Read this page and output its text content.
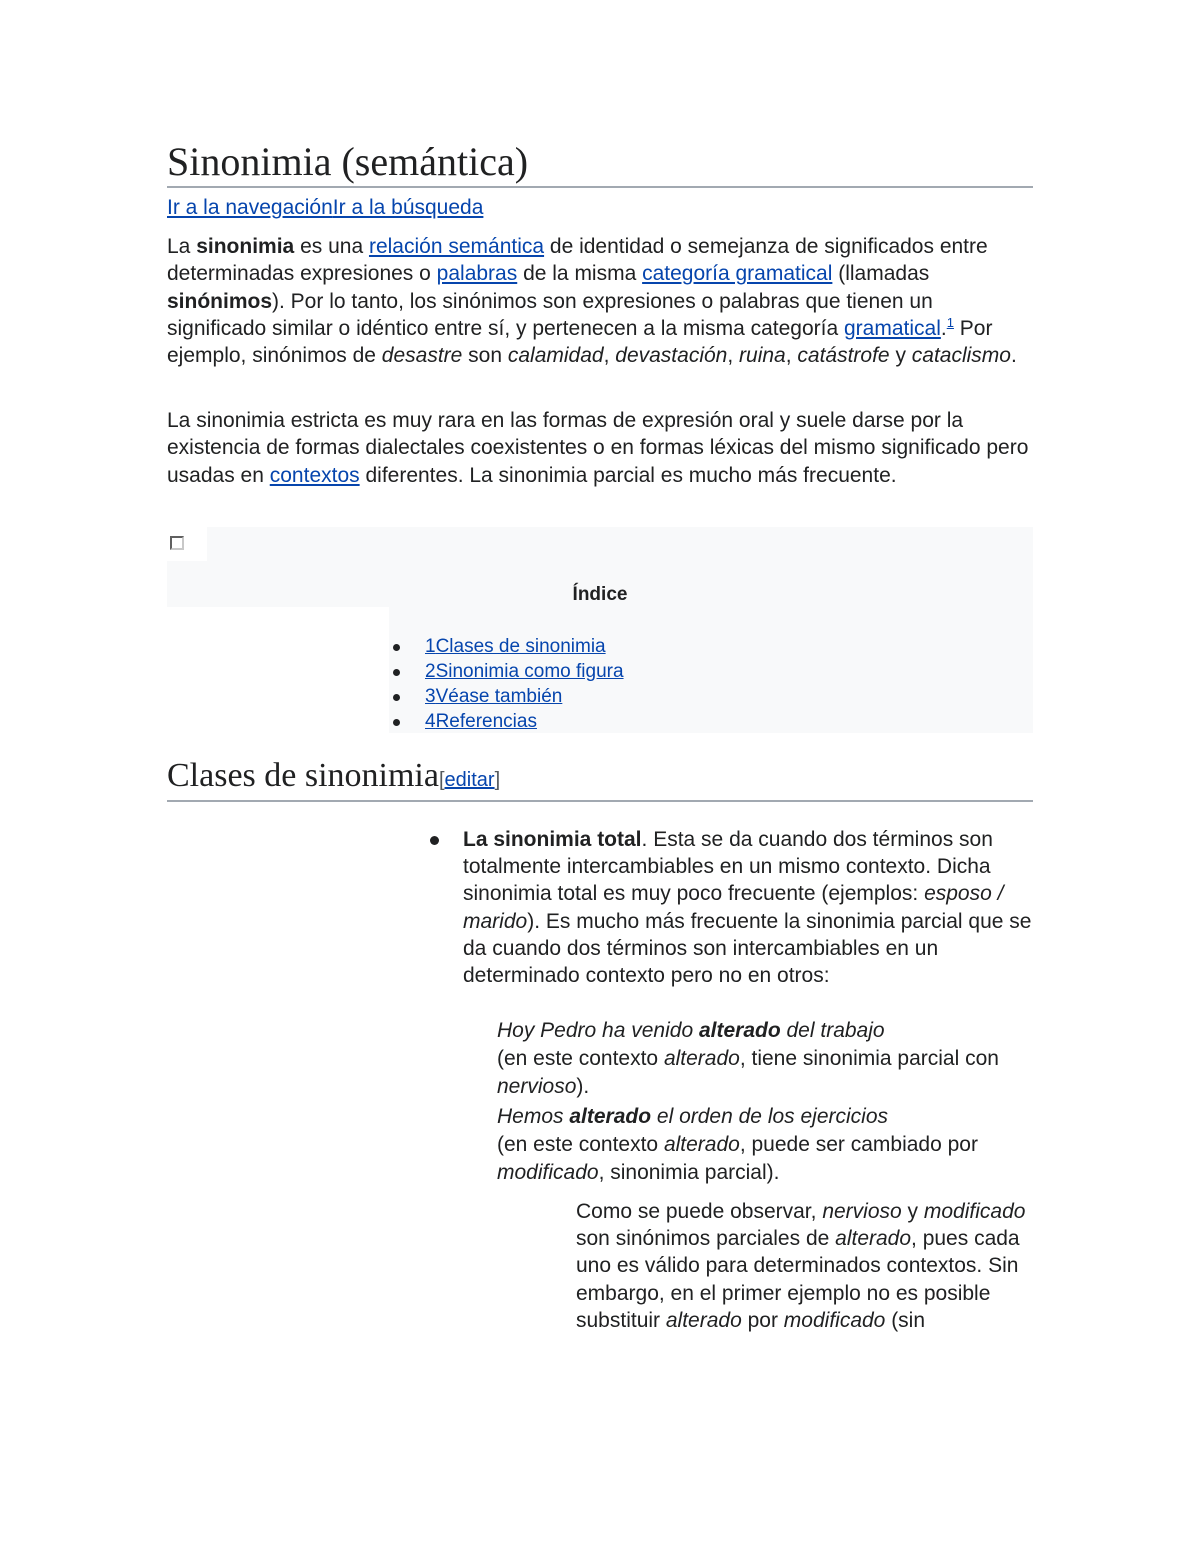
Sinonimia (semántica)
Ir a la navegaciónIr a la búsqueda

La sinonimia es una relación semántica de identidad o semejanza de significados entre determinadas expresiones o palabras de la misma categoría gramatical (llamadas sinónimos). Por lo tanto, los sinónimos son expresiones o palabras que tienen un significado similar o idéntico entre sí, y pertenecen a la misma categoría gramatical.$^1$ Por ejemplo, sinónimos de desastre son calamidad, devastación, ruina, catástrofe y cataclismo.

La sinonimia estricta es muy rara en las formas de expresión oral y suele darse por la existencia de formas dialectales coexistentes o en formas léxicas del mismo significado pero usadas en contextos diferentes. La sinonimia parcial es mucho más frecuente.

Índice
1Clases de sinonimia
2Sinonimia como figura
3Véase también
4Referencias
Clases de sinonimia[editar]
La sinonimia total. Esta se da cuando dos términos son totalmente intercambiables en un mismo contexto. Dicha sinonimia total es muy poco frecuente (ejemplos: esposo / marido). Es mucho más frecuente la sinonimia parcial que se da cuando dos términos son intercambiables en un determinado contexto pero no en otros:
Hoy Pedro ha venido alterado del trabajo
(en este contexto alterado, tiene sinonimia parcial con nervioso).
Hemos alterado el orden de los ejercicios
(en este contexto alterado, puede ser cambiado por modificado, sinonimia parcial).
Como se puede observar, nervioso y modificado son sinónimos parciales de alterado, pues cada uno es válido para determinados contextos. Sin embargo, en el primer ejemplo no es posible substituir alterado por modificado (sin
